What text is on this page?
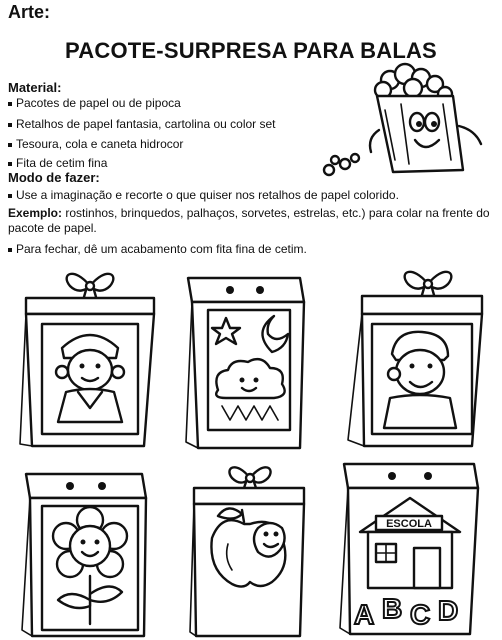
Arte:
PACOTE-SURPRESA PARA BALAS
Material:
Pacotes de papel ou de pipoca
Retalhos de papel fantasia, cartolina ou color set
Tesoura, cola e caneta hidrocor
Fita de cetim fina
Modo de fazer:
Use a imaginação e recorte o que quiser nos retalhos de papel colorido.
Exemplo: rostinhos, brinquedos, palhaços, sorvetes, estrelas, etc.) para colar na frente do pacote de papel.
Para fechar, dê um acabamento com fita fina de cetim.
ESCOLA
A B C D
